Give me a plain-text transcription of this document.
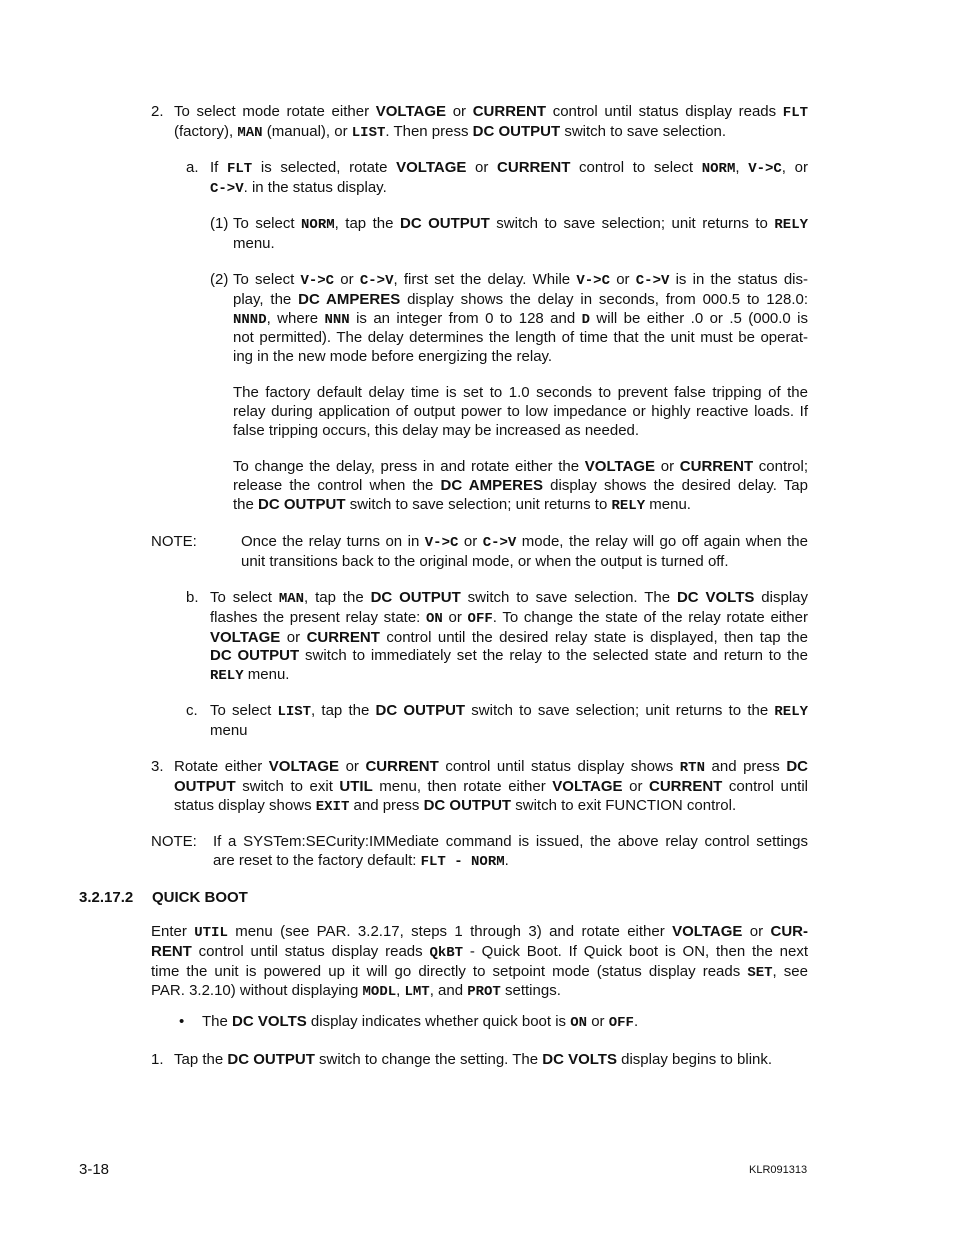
2. To select mode rotate either VOLTAGE or CURRENT control until status display reads FLT
(factory), MAN (manual), or LIST. Then press DC OUTPUT switch to save selection.
a. If FLT is selected, rotate VOLTAGE or CURRENT control to select NORM, V->C, or
C->V. in the status display.
(1) To select NORM, tap the DC OUTPUT switch to save selection; unit returns to RELY
menu.
(2) To select V->C or C->V, first set the delay. While V->C or C->V is in the status dis-
play, the DC AMPERES display shows the delay in seconds, from 000.5 to 128.0:
NNND, where NNN is an integer from 0 to 128 and D will be either .0 or .5 (000.0 is
not permitted). The delay determines the length of time that the unit must be operat-
ing in the new mode before energizing the relay.
The factory default delay time is set to 1.0 seconds to prevent false tripping of the
relay during application of output power to low impedance or highly reactive loads. If
false tripping occurs, this delay may be increased as needed.
To change the delay, press in and rotate either the VOLTAGE or CURRENT control;
release the control when the DC AMPERES display shows the desired delay. Tap
the DC OUTPUT switch to save selection; unit returns to RELY menu.
NOTE:	Once the relay turns on in V->C or C->V mode, the relay will go off again when the
unit transitions back to the original mode, or when the output is turned off.
b. To select MAN, tap the DC OUTPUT switch to save selection. The DC VOLTS display
flashes the present relay state: ON or OFF. To change the state of the relay rotate either
VOLTAGE or CURRENT control until the desired relay state is displayed, then tap the
DC OUTPUT switch to immediately set the relay to the selected state and return to the
RELY menu.
c. To select LIST, tap the DC OUTPUT switch to save selection; unit returns to the RELY
menu
3. Rotate either VOLTAGE or CURRENT control until status display shows RTN and press DC
OUTPUT switch to exit UTIL menu, then rotate either VOLTAGE or CURRENT control until
status display shows EXIT and press DC OUTPUT switch to exit FUNCTION control.
NOTE: If a SYSTem:SECurity:IMMediate command is issued, the above relay control settings
are reset to the factory default: FLT - NORM.
3.2.17.2 QUICK BOOT
Enter UTIL menu (see PAR. 3.2.17, steps 1 through 3) and rotate either VOLTAGE or CUR-
RENT control until status display reads QkBT - Quick Boot. If Quick boot is ON, then the next
time the unit is powered up it will go directly to setpoint mode (status display reads SET, see
PAR. 3.2.10) without displaying MODL, LMT, and PROT settings.
• The DC VOLTS display indicates whether quick boot is ON or OFF.
1. Tap the DC OUTPUT switch to change the setting. The DC VOLTS display begins to blink.
3-18	KLR091313
